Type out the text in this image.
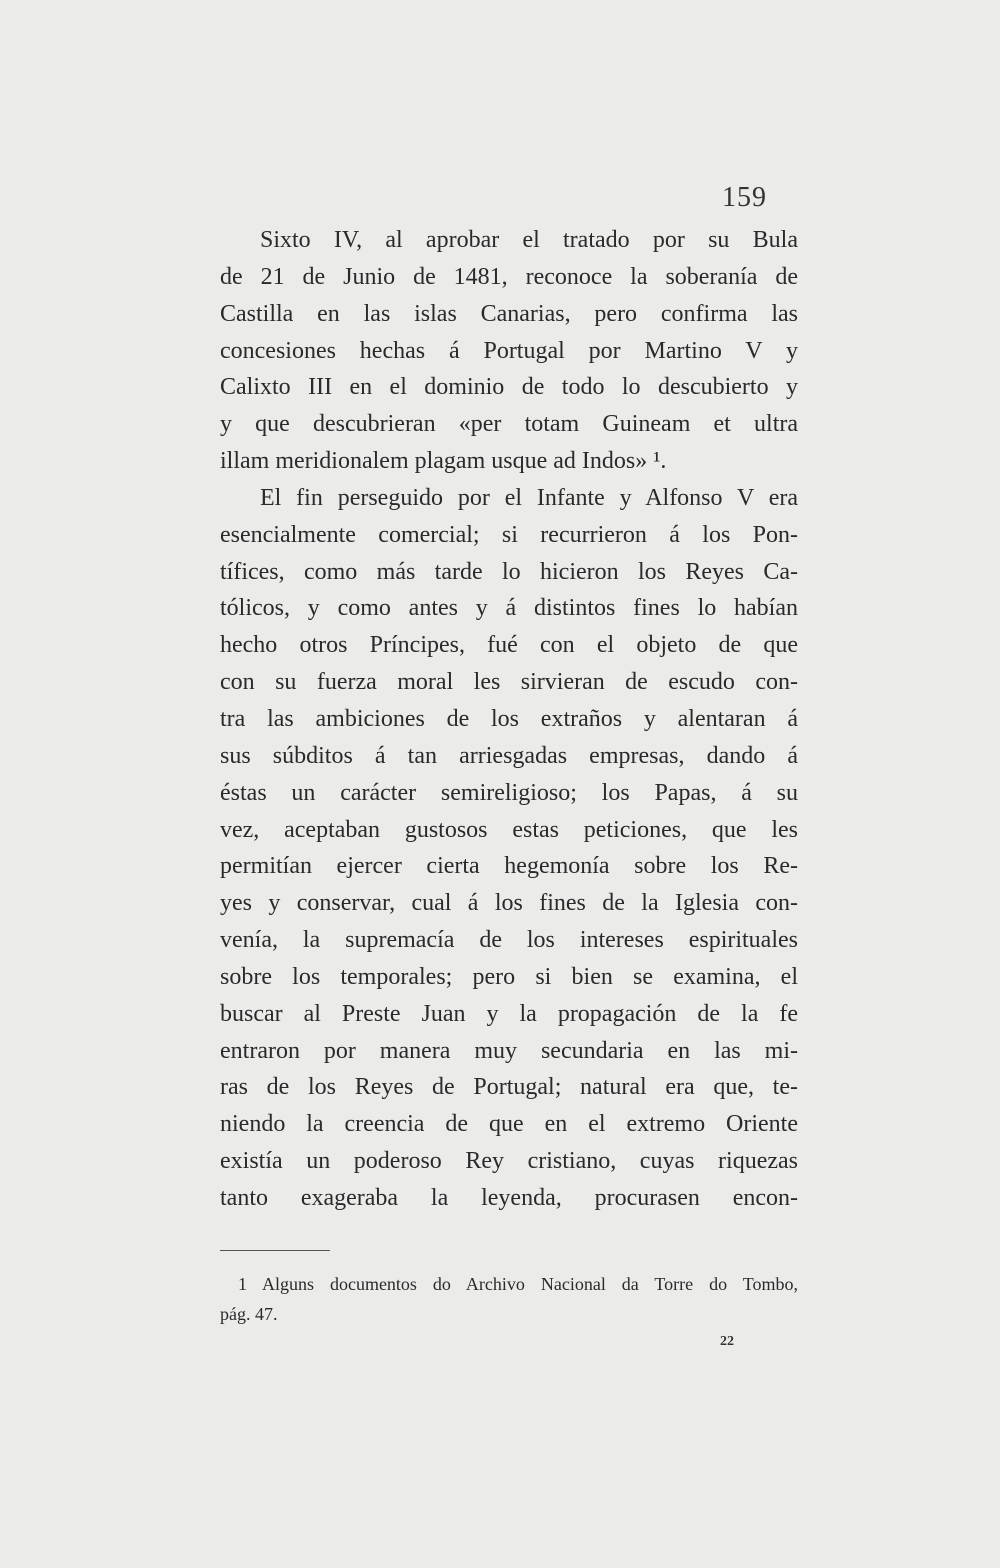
159
Sixto IV, al aprobar el tratado por su Bula
de 21 de Junio de 1481, reconoce la soberanía de
Castilla en las islas Canarias, pero confirma las
concesiones hechas á Portugal por Martino V y
Calixto III en el dominio de todo lo descubierto y
y que descubrieran «per totam Guineam et ultra
illam meridionalem plagam usque ad Indos» ¹.
El fin perseguido por el Infante y Alfonso V era
esencialmente comercial; si recurrieron á los Pon-
tífices, como más tarde lo hicieron los Reyes Ca-
tólicos, y como antes y á distintos fines lo habían
hecho otros Príncipes, fué con el objeto de que
con su fuerza moral les sirvieran de escudo con-
tra las ambiciones de los extraños y alentaran á
sus súbditos á tan arriesgadas empresas, dando á
éstas un carácter semireligioso; los Papas, á su
vez, aceptaban gustosos estas peticiones, que les
permitían ejercer cierta hegemonía sobre los Re-
yes y conservar, cual á los fines de la Iglesia con-
venía, la supremacía de los intereses espirituales
sobre los temporales; pero si bien se examina, el
buscar al Preste Juan y la propagación de la fe
entraron por manera muy secundaria en las mi-
ras de los Reyes de Portugal; natural era que, te-
niendo la creencia de que en el extremo Oriente
existía un poderoso Rey cristiano, cuyas riquezas
tanto exageraba la leyenda, procurasen encon-
1 Alguns documentos do Archivo Nacional da Torre do Tombo,
pág. 47.
22
